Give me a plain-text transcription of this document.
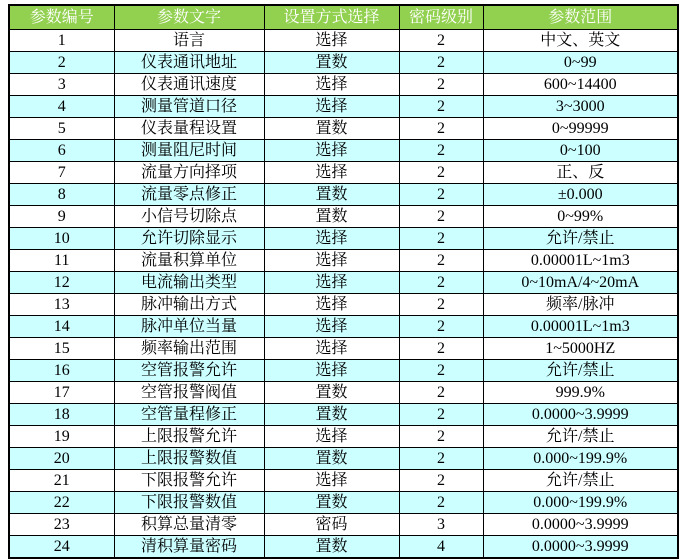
参数编号	参数文字	设置方式选择	密码级别	参数范围
1	语言	选择	2	中文、英文
2	仪表通讯地址	置数	2	0~99
3	仪表通讯速度	选择	2	600~14400
4	测量管道口径	选择	2	3~3000
5	仪表量程设置	置数	2	0~99999
6	测量阻尼时间	选择	2	0~100
7	流量方向择项	选择	2	正、反
8	流量零点修正	置数	2	±0.000
9	小信号切除点	置数	2	0~99%
10	允许切除显示	选择	2	允许/禁止
11	流量积算单位	选择	2	0.00001L~1m3
12	电流输出类型	选择	2	0~10mA/4~20mA
13	脉冲输出方式	选择	2	频率/脉冲
14	脉冲单位当量	选择	2	0.00001L~1m3
15	频率输出范围	选择	2	1~5000HZ
16	空管报警允许	选择	2	允许/禁止
17	空管报警阀值	置数	2	999.9%
18	空管量程修正	置数	2	0.0000~3.9999
19	上限报警允许	选择	2	允许/禁止
20	上限报警数值	置数	2	0.000~199.9%
21	下限报警允许	选择	2	允许/禁止
22	下限报警数值	置数	2	0.000~199.9%
23	积算总量清零	密码	3	0.0000~3.9999
24	清积算量密码	置数	4	0.0000~3.9999
